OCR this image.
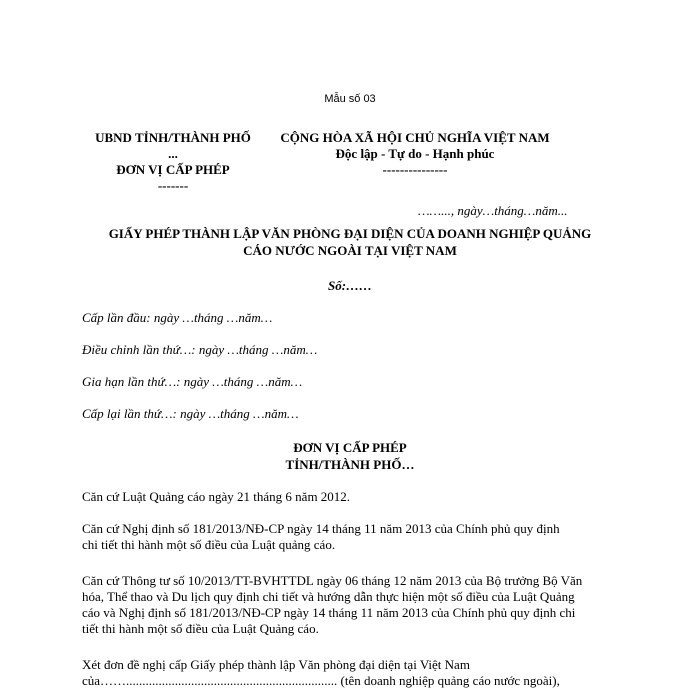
Mẫu số 03
UBND TỈNH/THÀNH PHỐ
...
ĐƠN VỊ CẤP PHÉP
-------
CỘNG HÒA XÃ HỘI CHỦ NGHĨA VIỆT NAM
Độc lập - Tự do - Hạnh phúc
---------------
……..., ngày…tháng…năm...
GIẤY PHÉP THÀNH LẬP VĂN PHÒNG ĐẠI DIỆN CỦA DOANH NGHIỆP QUẢNG
CÁO NƯỚC NGOÀI TẠI VIỆT NAM
Số:……
Cấp lần đầu: ngày …tháng …năm…
Điều chỉnh lần thứ…: ngày …tháng …năm…
Gia hạn lần thứ…: ngày …tháng …năm…
Cấp lại lần thứ…: ngày …tháng …năm…
ĐƠN VỊ CẤP PHÉP
TỈNH/THÀNH PHỐ…
Căn cứ Luật Quảng cáo ngày 21 tháng 6 năm 2012.
Căn cứ Nghị định số 181/2013/NĐ-CP ngày 14 tháng 11 năm 2013 của Chính phủ quy định
chi tiết thi hành một số điều của Luật quảng cáo.
Căn cứ Thông tư số 10/2013/TT-BVHTTDL ngày 06 tháng 12 năm 2013 của Bộ trưởng Bộ Văn
hóa, Thể thao và Du lịch quy định chi tiết và hướng dẫn thực hiện một số điều của Luật Quảng
cáo và Nghị định số 181/2013/NĐ-CP ngày 14 tháng 11 năm 2013 của Chính phủ quy định chi
tiết thi hành một số điều của Luật Quảng cáo.
Xét đơn đề nghị cấp Giấy phép thành lập Văn phòng đại diện tại Việt Nam
của……................................................................. (tên doanh nghiệp quảng cáo nước ngoài),
